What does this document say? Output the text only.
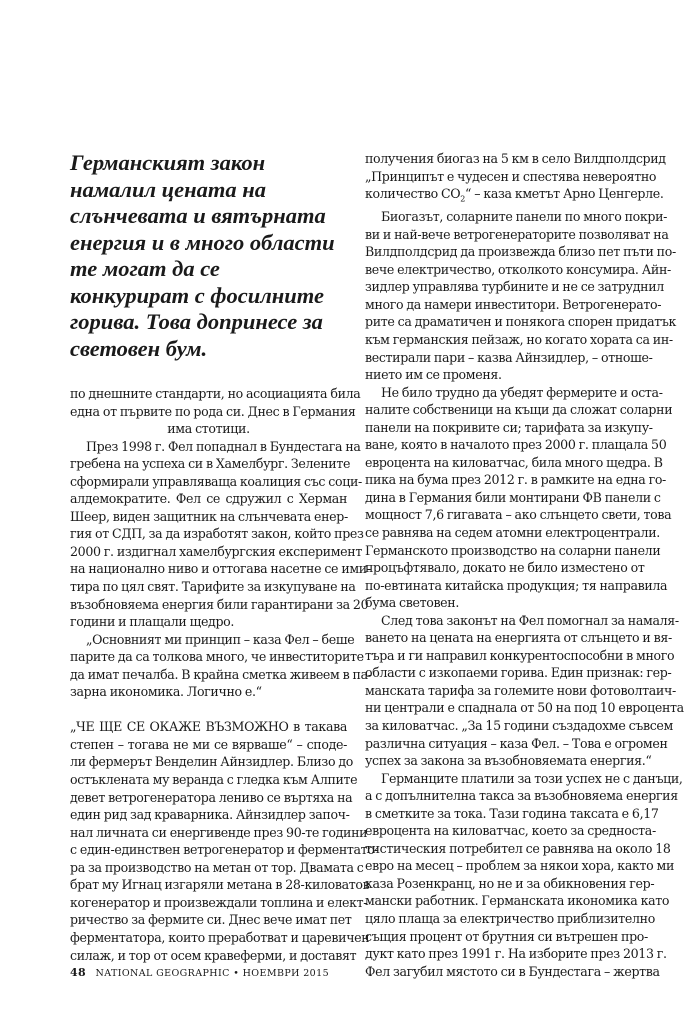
Германският закон
намалил цената на
слънчевата и вятърната
енергия и в много области
те могат да се
конкурират с фосилните
горива. Това допринесе за
световен бум.

по днешните стандарти, но асоциацията била
една от първите по рода си. Днес в Германия
има стотици.

През 1998 г. Фел попаднал в Бундестага на
гребена на успеха си в Хамелбург. Зелените
сформирали управляваща коалиция със соци-
алдемократите. Фел се сдружил с Херман
Шеер, виден защитник на слънчевата енер-
гия от СДП, за да изработят закон, който през
2000 г. издигнал хамелбургския експеримент
на национално ниво и оттогава насетне се ими-
тира по цял свят. Тарифите за изкупуване на
възобновяема енергия били гарантирани за 20
години и плащали щедро.

„Основният ми принцип – каза Фел – беше
парите да са толкова много, че инвеститорите
да имат печалба. В крайна сметка живеем в па-
зарна икономика. Логично е.“

„ЧЕ ЩЕ СЕ ОКАЖЕ ВЪЗМОЖНО в такава
степен – тогава не ми се вярваше“ – споде-
ли фермерът Венделин Айнзидлер. Близо до
остъклената му веранда с гледка към Алпите
девет ветрогенератора лениво се въртяха на
един рид зад краварника. Айнзидлер започ-
нал личната си енергивенде през 90-те години
с един-единствен ветрогенератор и ферментато-
ра за производство на метан от тор. Двамата с
брат му Игнац изгаряли метана в 28-киловатов
когенератор и произвеждали топлина и елект-
ричество за фермите си. Днес вече имат пет
ферментатора, които преработват и царевичен
силаж, и тор от осем кравеферми, и доставят

получения биогаз на 5 км в село Вилдполдсрид
„Принципът е чудесен и спестява невероятно
количество $CO_2“$ – каза кметът Арно Ценгерле.

Биогазът, соларните панели по много покри-
ви и най-вече ветрогенераторите позволяват на
Вилдполдсрид да произвежда близо пет пъти по-
вече електричество, отколкото консумира. Айн-
зидлер управлява турбините и не се затруднил
много да намери инвеститори. Ветрогенерато-
рите са драматичен и понякога спорен придатък
към германския пейзаж, но когато хората са ин-
вестирали пари – казва Айнзидлер, – отноше-
нието им се променя.

Не било трудно да убедят фермерите и оста-
налите собственици на къщи да сложат соларни
панели на покривите си; тарифата за изкупу-
ване, която в началото през 2000 г. плащала 50
евроцента на киловатчас, била много щедра. В
пика на бума през 2012 г. в рамките на една го-
дина в Германия били монтирани ФВ панели с
мощност 7,6 гигавата – ако слънцето свети, това
се равнява на седем атомни електроцентрали.
Германското производство на соларни панели
процъфтявало, докато не било изместено от
по-евтината китайска продукция; тя направила
бума световен.

След това законът на Фел помогнал за намаля-
ването на цената на енергията от слънцето и вя-
търа и ги направил конкурентоспособни в много
области с изкопаеми горива. Един признак: гер-
манската тарифа за големите нови фотоволтаич-
ни централи е спаднала от 50 на под 10 евроцента
за киловатчас. „За 15 години създадохме съвсем
различна ситуация – каза Фел. – Това е огромен
успех за закона за възобновяемата енергия.“

Германците платили за този успех не с данъци,
а с допълнителна такса за възобновяема енергия
в сметките за тока. Тази година таксата е 6,17
евроцента на киловатчас, което за средноста-
тистическия потребител се равнява на около 18
евро на месец – проблем за някои хора, както ми
каза Розенкранц, но не и за обикновения гер-
мански работник. Германската икономика като
цяло плаща за електричество приблизително
същия процент от брутния си вътрешен про-
дукт като през 1991 г. На изборите през 2013 г.
Фел загубил мястото си в Бундестага – жертва

48 NATIONAL GEOGRAPHIC • НОЕМВРИ 2015
